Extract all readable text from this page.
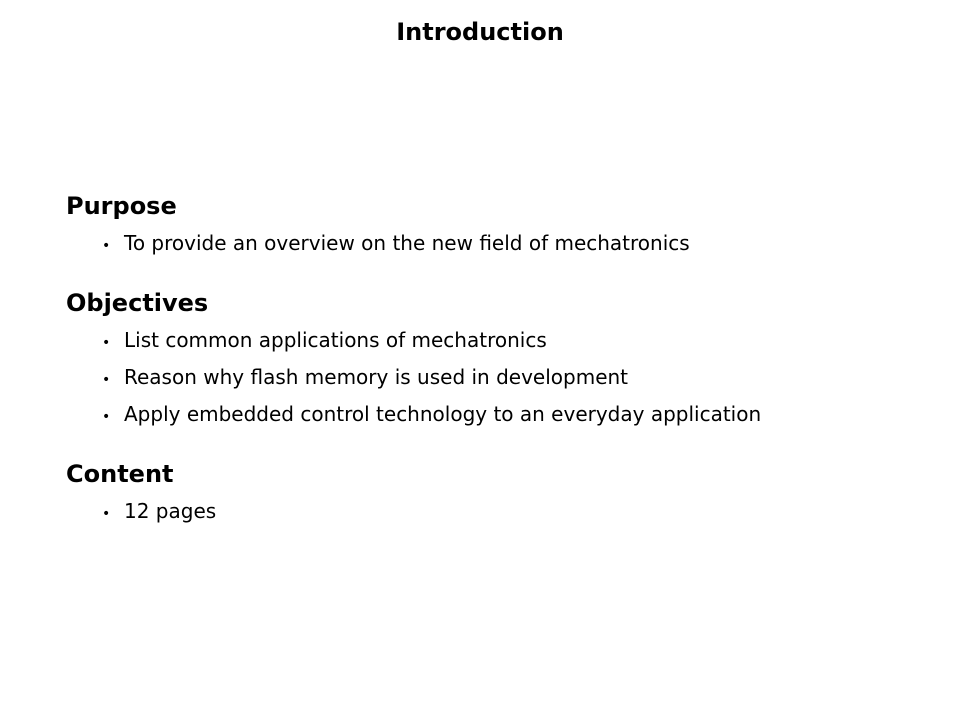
Introduction
Purpose
• To provide an overview on the new field of mechatronics
Objectives
• List common applications of mechatronics
• Reason why flash memory is used in development
• Apply embedded control technology to an everyday application
Content
• 12 pages
